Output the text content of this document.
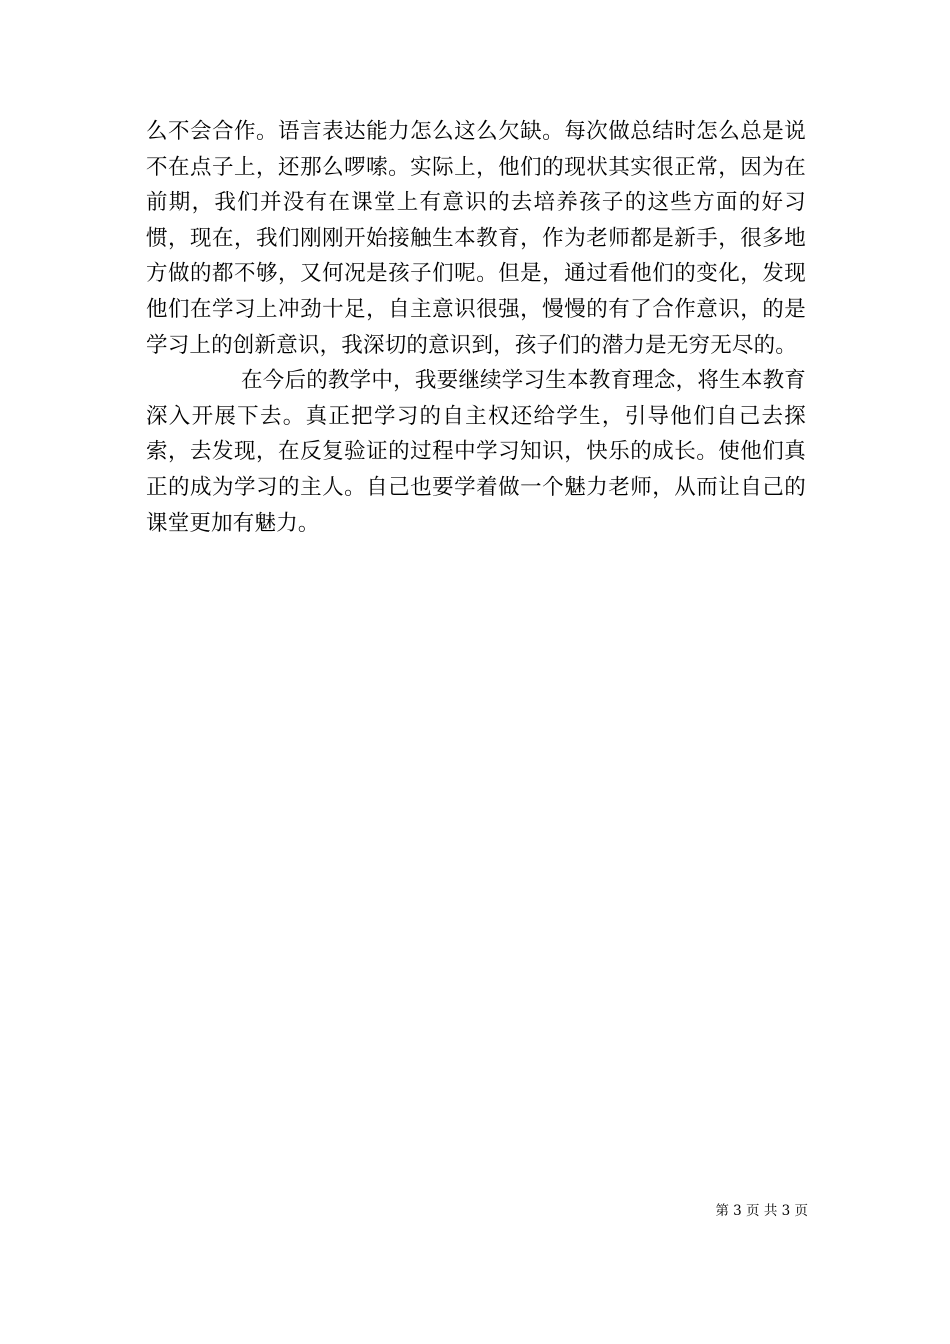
么不会合作。语言表达能力怎么这么欠缺。每次做总结时怎么总是说不在点子上，还那么啰嗦。实际上，他们的现状其实很正常，因为在前期，我们并没有在课堂上有意识的去培养孩子的这些方面的好习惯，现在，我们刚刚开始接触生本教育，作为老师都是新手，很多地方做的都不够，又何况是孩子们呢。但是，通过看他们的变化，发现他们在学习上冲劲十足，自主意识很强，慢慢的有了合作意识，的是学习上的创新意识，我深切的意识到，孩子们的潜力是无穷无尽的。

在今后的教学中，我要继续学习生本教育理念，将生本教育深入开展下去。真正把学习的自主权还给学生，引导他们自己去探索，去发现，在反复验证的过程中学习知识，快乐的成长。使他们真正的成为学习的主人。自己也要学着做一个魅力老师，从而让自己的课堂更加有魅力。

第 3 页 共 3 页
